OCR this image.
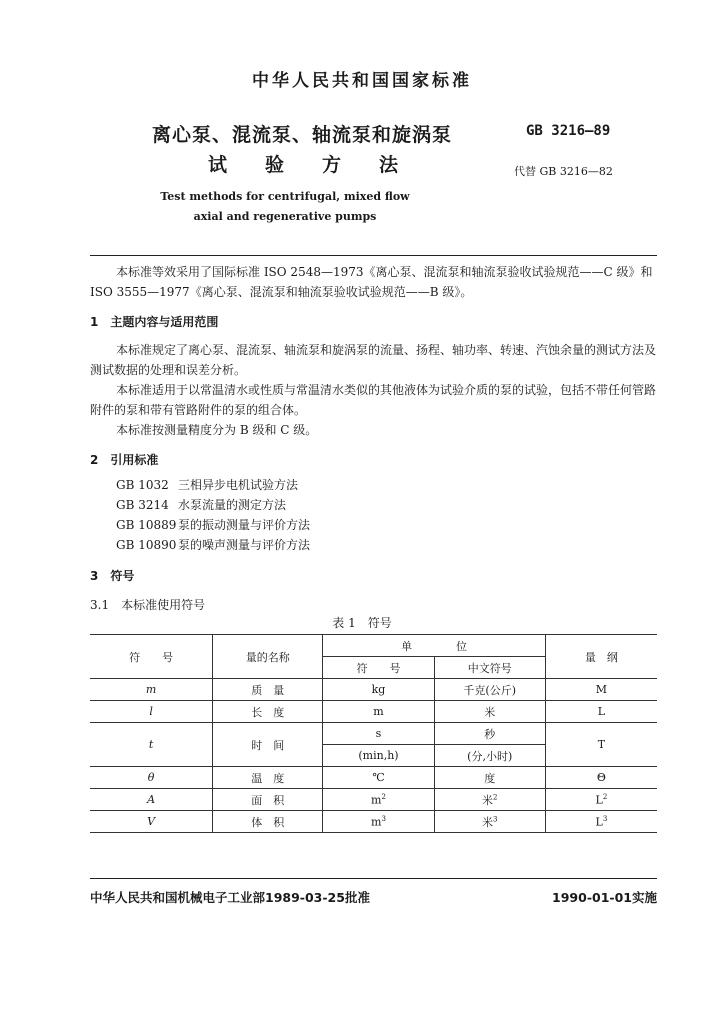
中华人民共和国国家标准
离心泵、混流泵、轴流泵和旋涡泵
试验方法
GB 3216—89
代替 GB 3216—82
Test methods for centrifugal, mixed flow
axial and regenerative pumps
本标准等效采用了国际标准 ISO 2548—1973《离心泵、混流泵和轴流泵验收试验规范——C 级》和 ISO 3555—1977《离心泵、混流泵和轴流泵验收试验规范——B 级》。
1　主题内容与适用范围
本标准规定了离心泵、混流泵、轴流泵和旋涡泵的流量、扬程、轴功率、转速、汽蚀余量的测试方法及测试数据的处理和误差分析。
本标准适用于以常温清水或性质与常温清水类似的其他液体为试验介质的泵的试验，包括不带任何管路附件的泵和带有管路附件的泵的组合体。
本标准按测量精度分为 B 级和 C 级。
2　引用标准
GB 1032 三相异步电机试验方法
GB 3214 水泵流量的测定方法
GB 10889 泵的振动测量与评价方法
GB 10890 泵的噪声测量与评价方法
3　符号
3.1　本标准使用符号
表 1　符号
符　　号	量的名称	单　　　　位		量　纲
		符　　号	中文符号	
m	质　量	kg	千克(公斤)	M
l	长　度	m	米	L
t	时　间	s	秒	T
		(min,h)	(分,小时)	
θ	温　度	℃	度	Θ
A	面　积	$m^2$	米$^2$	$L^2$
V	体　积	$m^3$	米$^3$	$L^3$
中华人民共和国机械电子工业部1989-03-25批准	1990-01-01实施
